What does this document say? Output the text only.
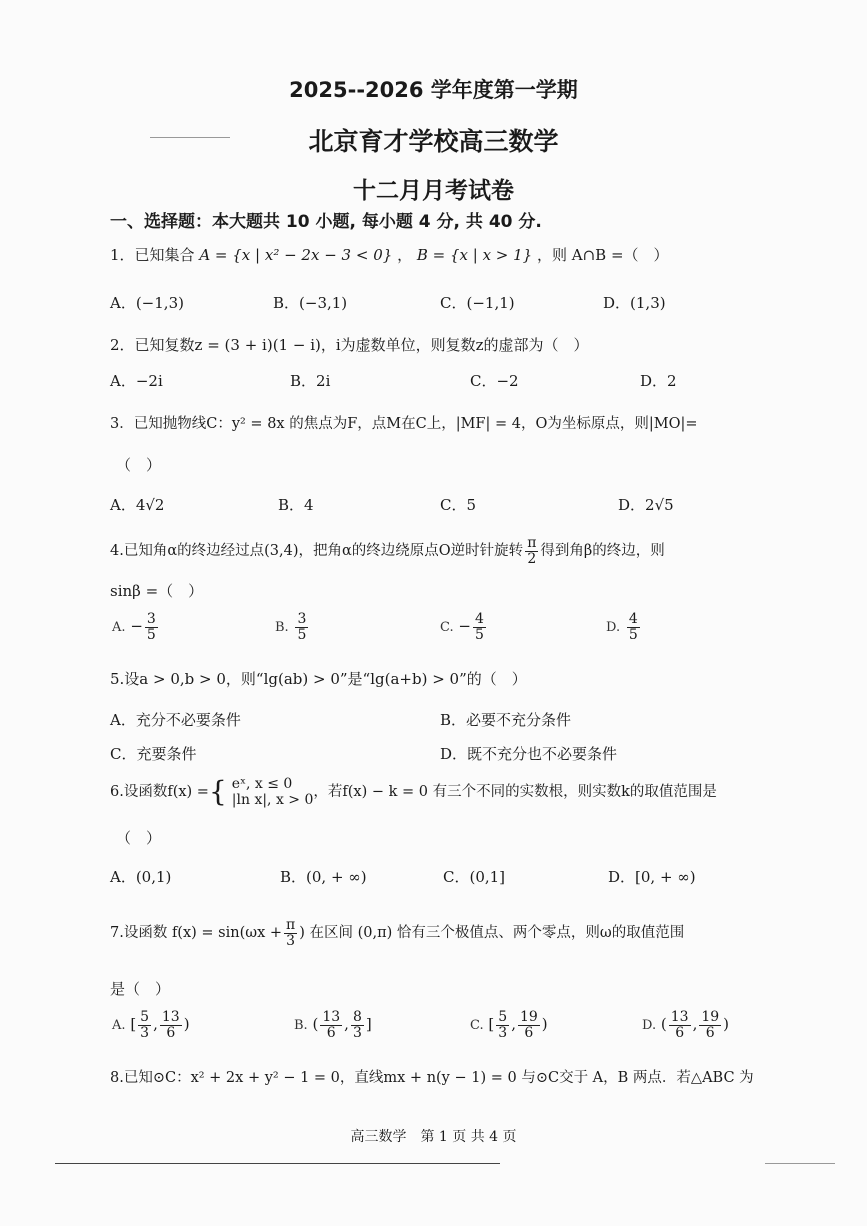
2025--2026 学年度第一学期
北京育才学校高三数学
十二月月考试卷
一、选择题：本大题共 10 小题, 每小题 4 分, 共 40 分.
1．已知集合 A = {x | x² − 2x − 3 < 0} ， B = {x | x > 1} ，则 A∩B =（　）
A．(−1,3)	B．(−3,1)	C．(−1,1)	D．(1,3)
2．已知复数z = (3 + i)(1 − i)，i为虚数单位，则复数z的虚部为（　）
A．−2i	B．2i	C．−2	D．2
3．已知抛物线C：y² = 8x 的焦点为F，点M在C上，|MF| = 4，O为坐标原点，则|MO|=
（　）
A．4√2	B．4	C．5	D．2√5
4.已知角α的终边经过点(3,4)，把角α的终边绕原点O逆时针旋转 $\frac{\pi}{2}$ 得到角β的终边，则
sinβ =（　）
A. − $\frac{3}{5}$	B. $\frac{3}{5}$	C. − $\frac{4}{5}$	D. $\frac{4}{5}$
5.设a > 0,b > 0，则“lg(ab) > 0”是“lg(a+b) > 0”的（　）
A．充分不必要条件	B．必要不充分条件
C．充要条件	D．既不充分也不必要条件
6.设函数f(x) ={ eˣ, x ≤ 0
|ln x|, x > 0 ，若f(x) − k = 0 有三个不同的实数根，则实数k的取值范围是
（　）
A．(0,1)	B．(0, + ∞)	C．(0,1]	D．[0, + ∞)
7.设函数 $f(x) = \sin(\omega x + \frac{\pi}{3}$ ) 在区间 (0,π) 恰有三个极值点、两个零点，则ω的取值范围
是（　）
A. [ $\frac{5}{3}$ , $\frac{13}{6}$ )	B. ( $\frac{13}{6}$ , $\frac{8}{3}$ ]	C. [ $\frac{5}{3}$ , $\frac{19}{6}$ )	D. ( $\frac{13}{6}$ , $\frac{19}{6}$ )
8.已知⊙C：x² + 2x + y² − 1 = 0，直线mx + n(y − 1) = 0 与⊙C交于 A，B 两点．若△ABC 为
高三数学　第 1 页 共 4 页
